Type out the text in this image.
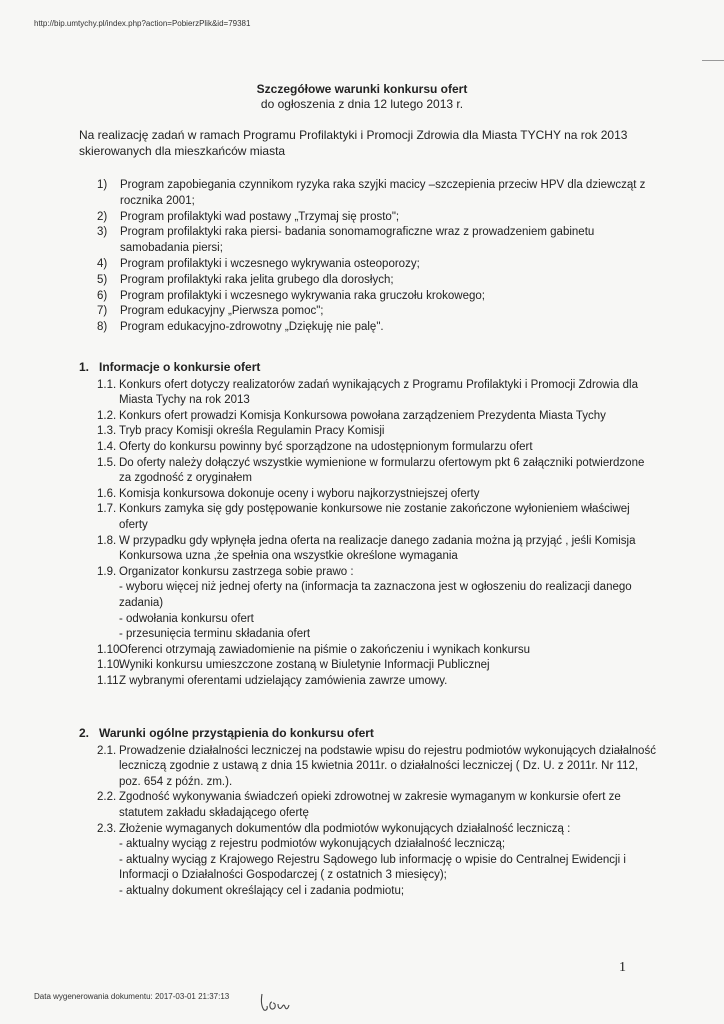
http://bip.umtychy.pl/index.php?action=PobierzPlik&id=79381
Szczegółowe warunki konkursu ofert
do ogłoszenia z dnia 12 lutego 2013 r.
Na realizację zadań w ramach Programu Profilaktyki i Promocji Zdrowia dla Miasta TYCHY na rok 2013 skierowanych dla mieszkańców miasta
1) Program zapobiegania czynnikom ryzyka raka szyjki macicy –szczepienia przeciw HPV dla dziewcząt z rocznika 2001;
2) Program profilaktyki wad postawy „Trzymaj się prosto";
3) Program profilaktyki raka piersi- badania sonomamograficzne wraz z prowadzeniem gabinetu samobadania piersi;
4) Program profilaktyki i wczesnego wykrywania osteoporozy;
5) Program profilaktyki raka jelita grubego dla dorosłych;
6) Program profilaktyki i wczesnego wykrywania raka gruczołu krokowego;
7) Program edukacyjny „Pierwsza pomoc";
8) Program edukacyjno-zdrowotny „Dziękuję nie palę".
1. Informacje o konkursie ofert
1.1. Konkurs ofert dotyczy realizatorów zadań wynikających z Programu Profilaktyki i Promocji Zdrowia dla Miasta Tychy na rok 2013
1.2. Konkurs ofert prowadzi Komisja Konkursowa powołana zarządzeniem Prezydenta Miasta Tychy
1.3. Tryb pracy Komisji określa Regulamin Pracy Komisji
1.4. Oferty do konkursu powinny być sporządzone na udostępnionym formularzu ofert
1.5. Do oferty należy dołączyć wszystkie wymienione w formularzu ofertowym pkt 6 załączniki potwierdzone za zgodność z oryginałem
1.6. Komisja konkursowa dokonuje oceny i wyboru najkorzystniejszej oferty
1.7. Konkurs zamyka się gdy postępowanie konkursowe nie zostanie zakończone wyłonieniem właściwej oferty
1.8. W przypadku gdy wpłynęła jedna oferta na realizacje danego zadania można ją przyjąć , jeśli Komisja Konkursowa uzna ,że spełnia ona wszystkie określone wymagania
1.9. Organizator konkursu zastrzega sobie prawo :
- wyboru więcej niż jednej oferty na (informacja ta zaznaczona jest w ogłoszeniu do realizacji danego zadania)
- odwołania konkursu ofert
- przesunięcia terminu składania ofert
1.10 Oferenci otrzymają zawiadomienie na piśmie o zakończeniu i wynikach konkursu
1.10.
Wyniki konkursu umieszczone zostaną w Biuletynie Informacji Publicznej
1.11.
Z wybranymi oferentami udzielający zamówienia zawrze umowy.
2. Warunki ogólne przystąpienia do konkursu ofert
2.1. Prowadzenie działalności leczniczej na podstawie wpisu do rejestru podmiotów wykonujących działalność leczniczą zgodnie z ustawą z dnia 15 kwietnia 2011r. o działalności leczniczej ( Dz. U. z 2011r. Nr 112, poz. 654 z późn. zm.).
2.2. Zgodność wykonywania świadczeń opieki zdrowotnej w zakresie wymaganym w konkursie ofert ze statutem zakładu składającego ofertę
2.3. Złożenie wymaganych dokumentów dla podmiotów wykonujących działalność leczniczą :
- aktualny wyciąg z rejestru podmiotów wykonujących działalność leczniczą;
- aktualny wyciąg z Krajowego Rejestru Sądowego lub informację o wpisie do Centralnej Ewidencji i Informacji o Działalności Gospodarczej ( z ostatnich 3 miesięcy);
- aktualny dokument określający cel i zadania podmiotu;
1
Data wygenerowania dokumentu: 2017-03-01 21:37:13
